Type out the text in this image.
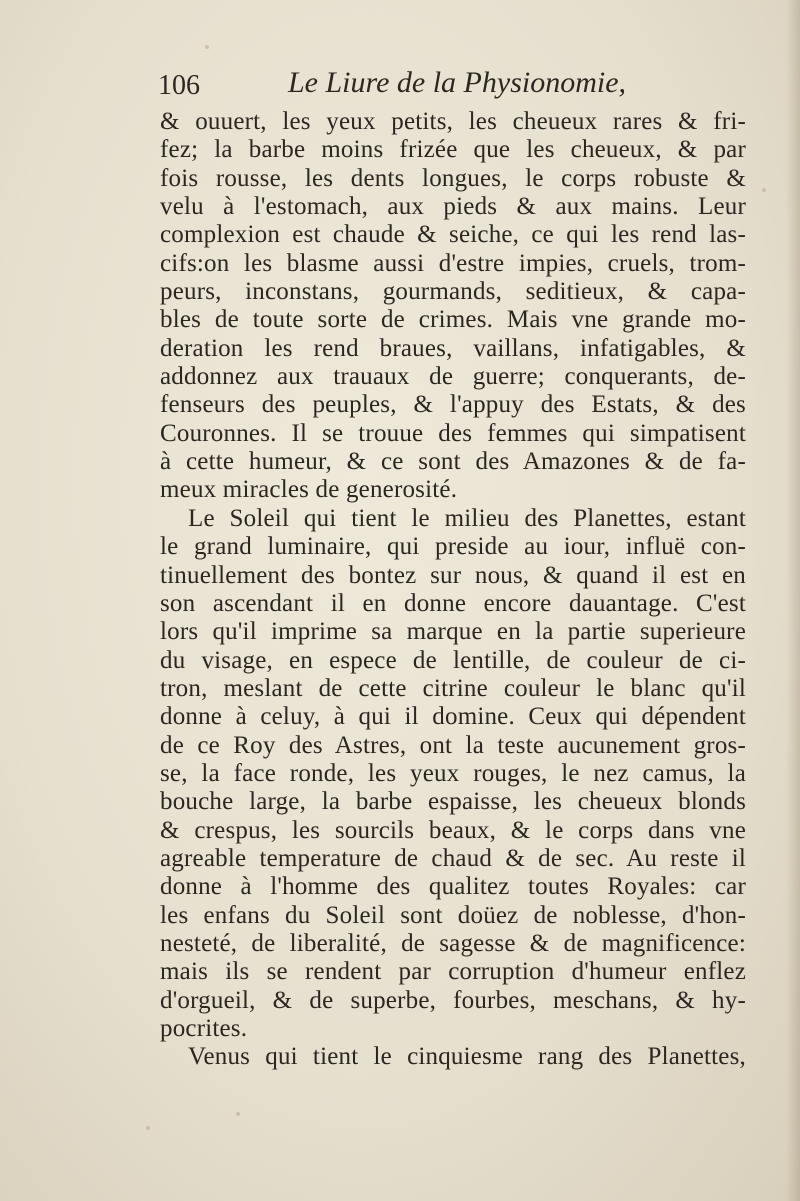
106	Le Liure de la Physionomie,
& ouuert, les yeux petits, les cheueux rares & fri-
fez; la barbe moins frizée que les cheueux, & par
fois rousse, les dents longues, le corps robuste &
velu à l'estomach, aux pieds & aux mains. Leur
complexion est chaude & seiche, ce qui les rend las-
cifs:on les blasme aussi d'estre impies, cruels, trom-
peurs, inconstans, gourmands, seditieux, & capa-
bles de toute sorte de crimes. Mais vne grande mo-
deration les rend braues, vaillans, infatigables, &
addonnez aux trauaux de guerre; conquerants, de-
fenseurs des peuples, & l'appuy des Estats, & des
Couronnes. Il se trouue des femmes qui simpatisent
à cette humeur, & ce sont des Amazones & de fa-
meux miracles de generosité.
Le Soleil qui tient le milieu des Planettes, estant
le grand luminaire, qui preside au iour, influë con-
tinuellement des bontez sur nous, & quand il est en
son ascendant il en donne encore dauantage. C'est
lors qu'il imprime sa marque en la partie superieure
du visage, en espece de lentille, de couleur de ci-
tron, meslant de cette citrine couleur le blanc qu'il
donne à celuy, à qui il domine. Ceux qui dépendent
de ce Roy des Astres, ont la teste aucunement gros-
se, la face ronde, les yeux rouges, le nez camus, la
bouche large, la barbe espaisse, les cheueux blonds
& crespus, les sourcils beaux, & le corps dans vne
agreable temperature de chaud & de sec. Au reste il
donne à l'homme des qualitez toutes Royales: car
les enfans du Soleil sont doüez de noblesse, d'hon-
nesteté, de liberalité, de sagesse & de magnificence:
mais ils se rendent par corruption d'humeur enflez
d'orgueil, & de superbe, fourbes, meschans, & hy-
pocrites.
Venus qui tient le cinquiesme rang des Planettes,
